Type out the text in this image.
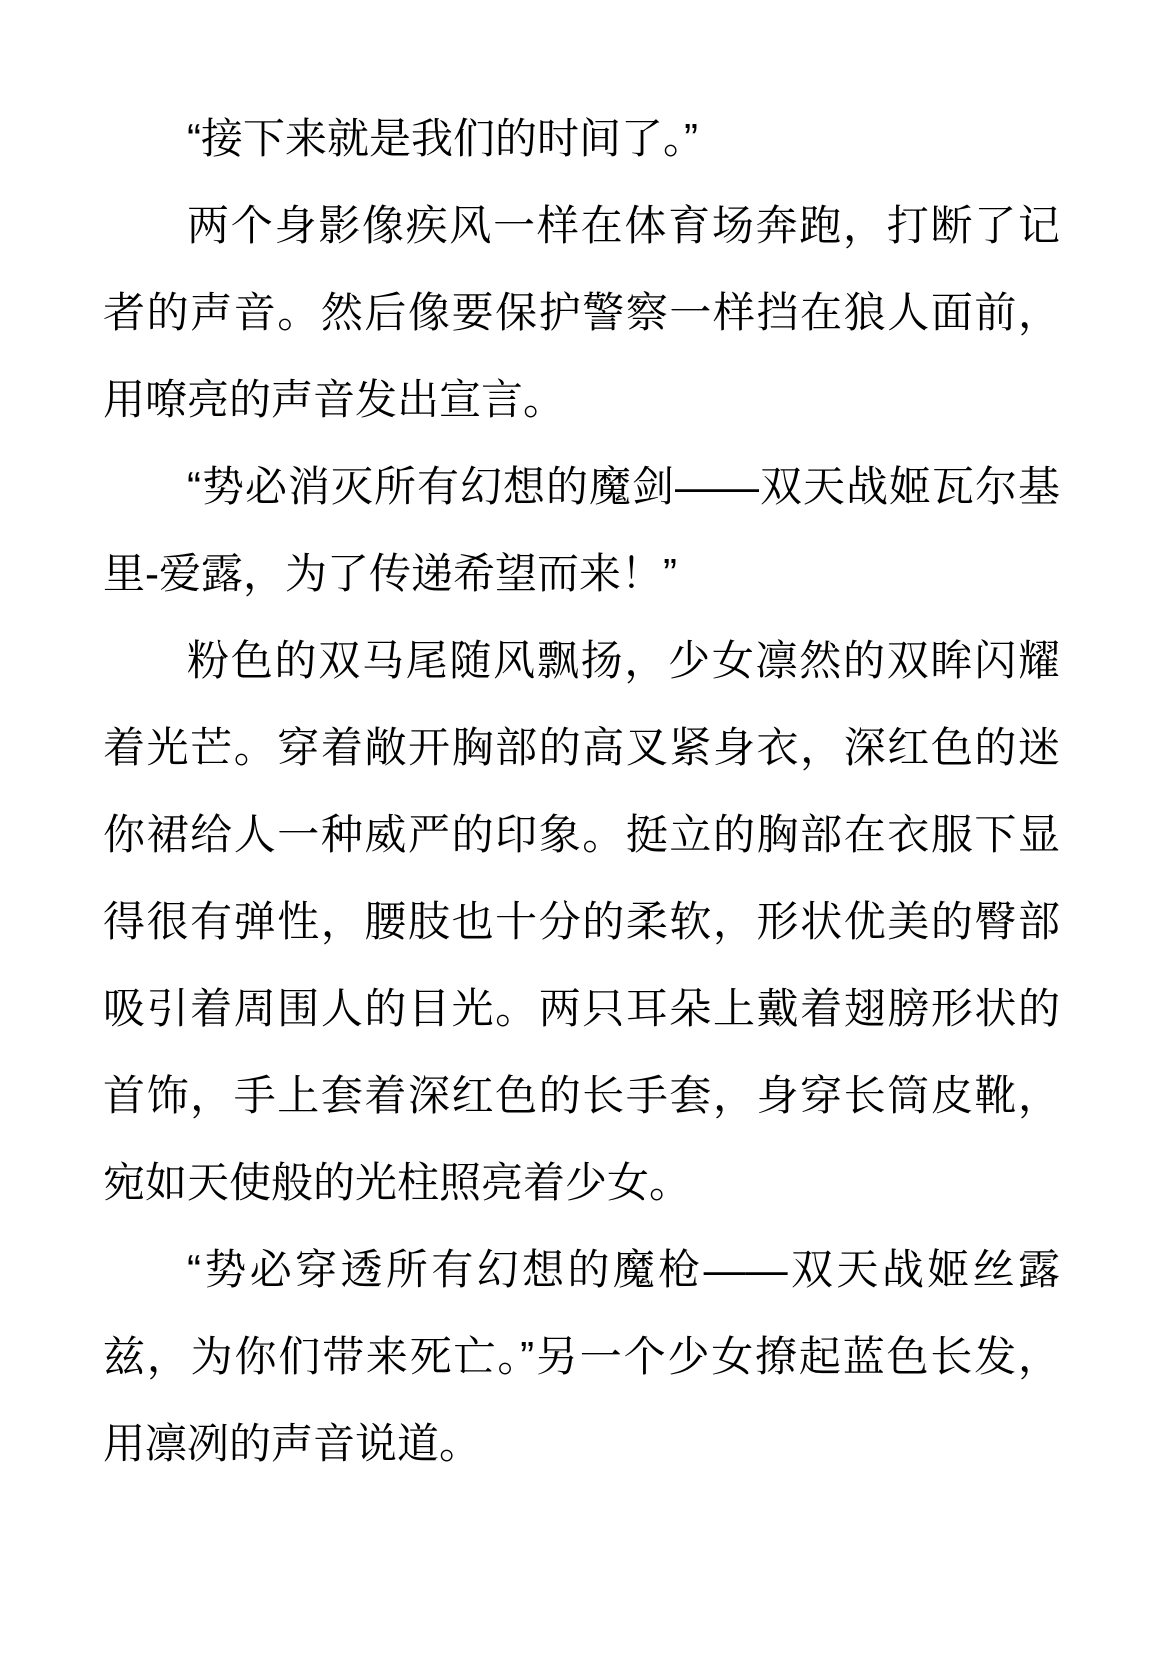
“接下来就是我们的时间了。”

两个身影像疾风一样在体育场奔跑，打断了记者的声音。然后像要保护警察一样挡在狼人面前，用嘹亮的声音发出宣言。

“势必消灭所有幻想的魔剑——双天战姬瓦尔基里-爱露，为了传递希望而来！”

粉色的双马尾随风飘扬，少女凛然的双眸闪耀着光芒。穿着敞开胸部的高叉紧身衣，深红色的迷你裙给人一种威严的印象。挺立的胸部在衣服下显得很有弹性，腰肢也十分的柔软，形状优美的臀部吸引着周围人的目光。两只耳朵上戴着翅膀形状的首饰，手上套着深红色的长手套，身穿长筒皮靴，宛如天使般的光柱照亮着少女。

“势必穿透所有幻想的魔枪——双天战姬丝露兹，为你们带来死亡。”另一个少女撩起蓝色长发，用凛冽的声音说道。
